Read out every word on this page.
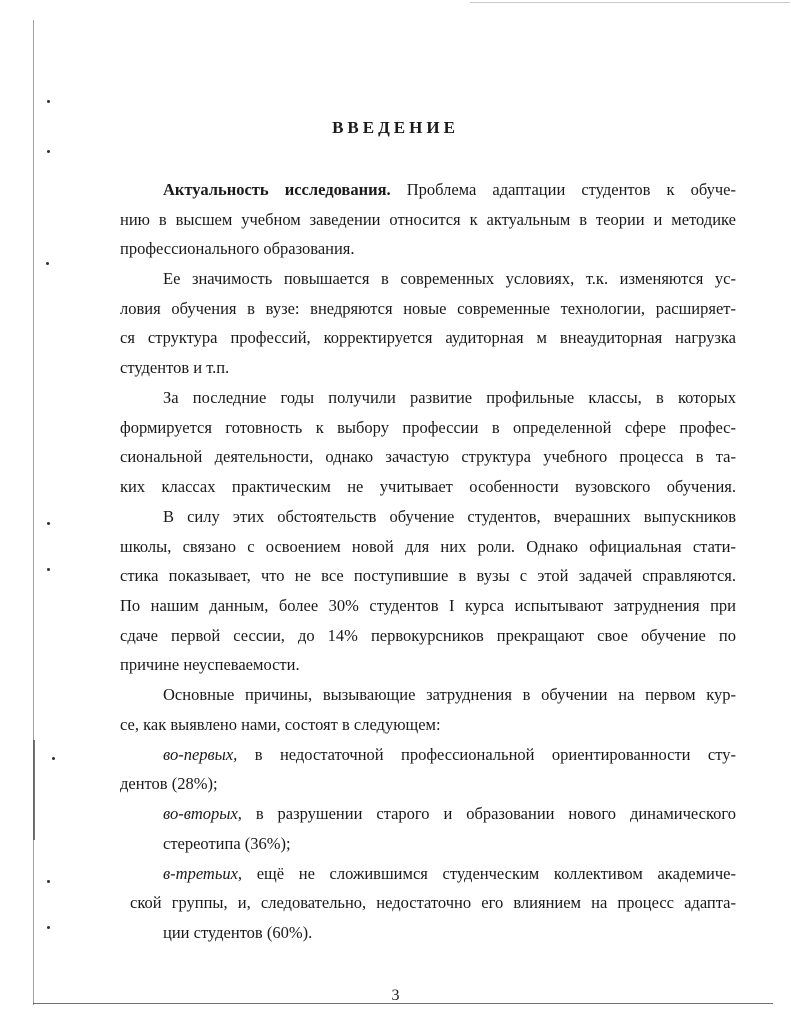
ВВЕДЕНИЕ
Актуальность исследования. Проблема адаптации студентов к обуче-
нию в высшем учебном заведении относится к актуальным в теории и методике
профессионального образования.
Ее значимость повышается в современных условиях, т.к. изменяются ус-
ловия обучения в вузе: внедряются новые современные технологии, расширяет-
ся структура профессий, корректируется аудиторная м внеаудиторная нагрузка
студентов и т.п.
За последние годы получили развитие профильные классы, в которых
формируется готовность к выбору профессии в определенной сфере профес-
сиональной деятельности, однако зачастую структура учебного процесса в та-
ких классах практическим не учитывает особенности вузовского обучения.
В силу этих обстоятельств обучение студентов, вчерашних выпускников
школы, связано с освоением новой для них роли. Однако официальная стати-
стика показывает, что не все поступившие в вузы с этой задачей справляются.
По нашим данным, более 30% студентов I курса испытывают затруднения при
сдаче первой сессии, до 14% первокурсников прекращают свое обучение по
причине неуспеваемости.
Основные причины, вызывающие затруднения в обучении на первом кур-
се, как выявлено нами, состоят в следующем:
во-первых, в недостаточной профессиональной ориентированности сту-
дентов (28%);
во-вторых, в разрушении старого и образовании нового динамического
стереотипа (36%);
в-третьих, ещё не сложившимся студенческим коллективом академиче-
ской группы, и, следовательно, недостаточно его влиянием на процесс адапта-
ции студентов (60%).
3
